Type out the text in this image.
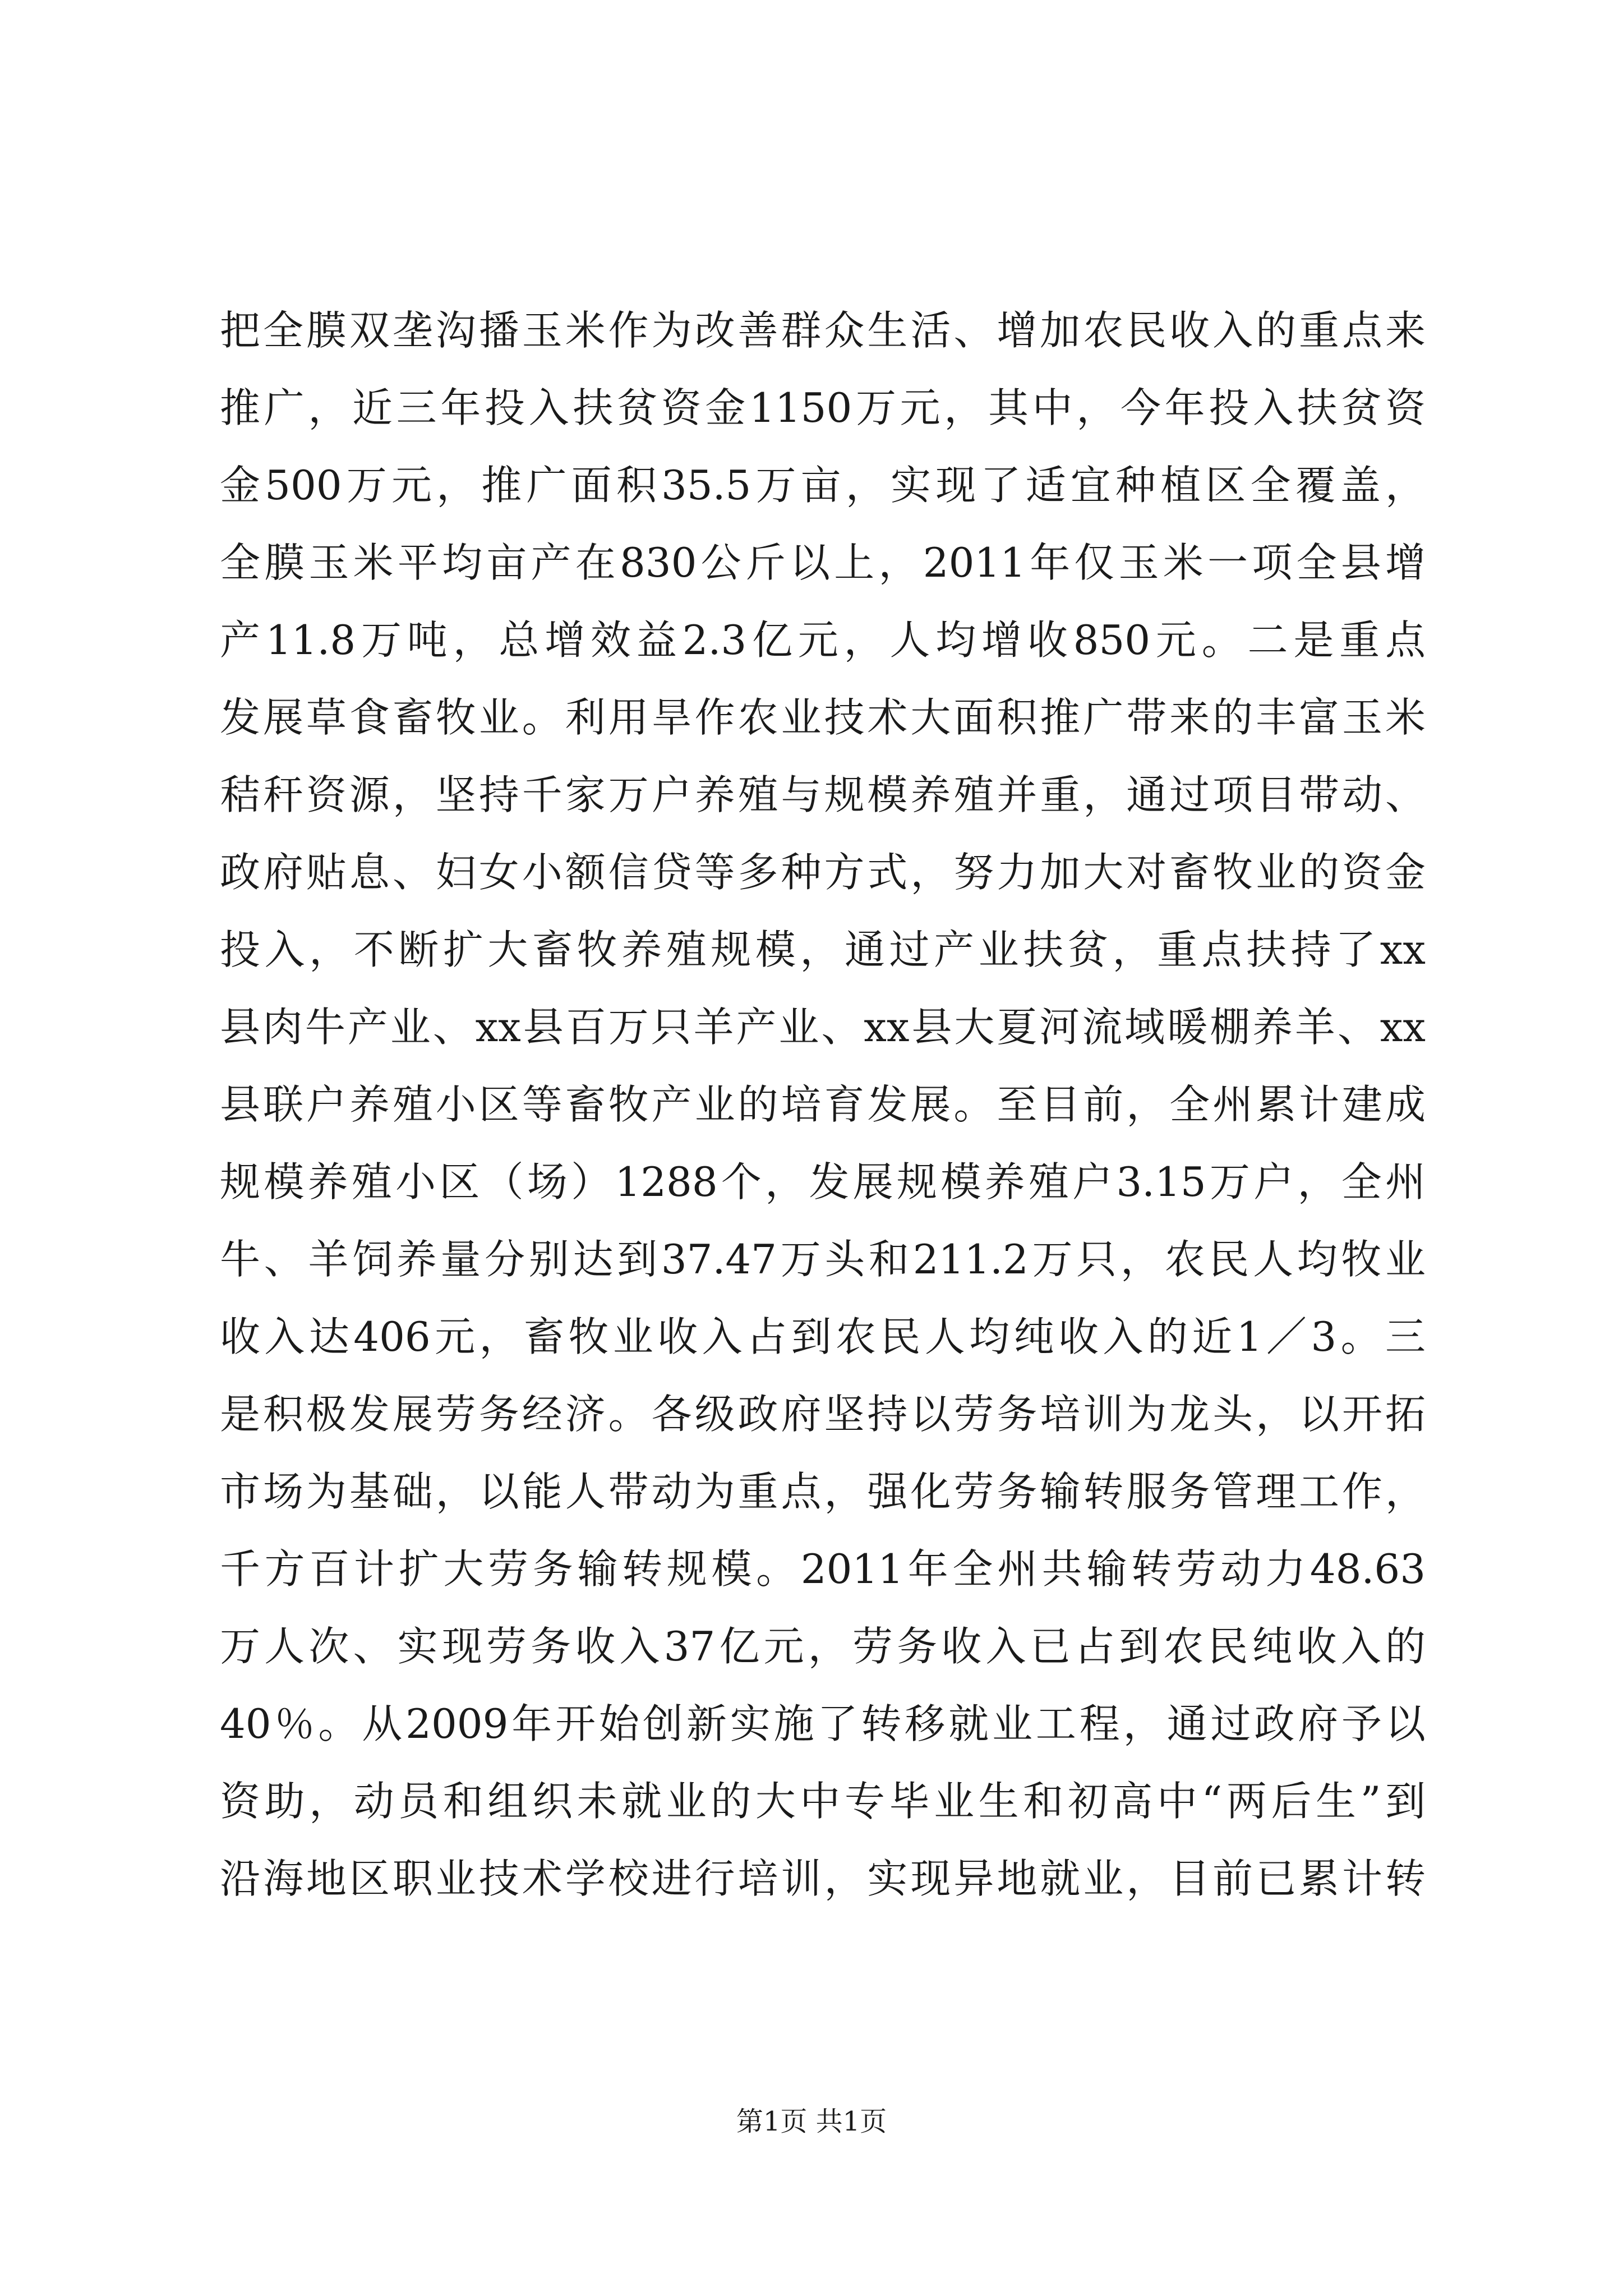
把全膜双垄沟播玉米作为改善群众生活、增加农民收入的重点来
推广，近三年投入扶贫资金1150万元，其中，今年投入扶贫资
金500万元，推广面积35.5万亩，实现了适宜种植区全覆盖，
全膜玉米平均亩产在830公斤以上，2011年仅玉米一项全县增
产11.8万吨，总增效益2.3亿元，人均增收850元。二是重点
发展草食畜牧业。利用旱作农业技术大面积推广带来的丰富玉米
秸秆资源，坚持千家万户养殖与规模养殖并重，通过项目带动、
政府贴息、妇女小额信贷等多种方式，努力加大对畜牧业的资金
投入，不断扩大畜牧养殖规模，通过产业扶贫，重点扶持了xx
县肉牛产业、xx县百万只羊产业、xx县大夏河流域暖棚养羊、xx
县联户养殖小区等畜牧产业的培育发展。至目前，全州累计建成
规模养殖小区（场）1288个，发展规模养殖户3.15万户，全州
牛、羊饲养量分别达到37.47万头和211.2万只，农民人均牧业
收入达406元，畜牧业收入占到农民人均纯收入的近1／3。三
是积极发展劳务经济。各级政府坚持以劳务培训为龙头，以开拓
市场为基础，以能人带动为重点，强化劳务输转服务管理工作，
千方百计扩大劳务输转规模。2011年全州共输转劳动力48.63
万人次、实现劳务收入37亿元，劳务收入已占到农民纯收入的
40％。从2009年开始创新实施了转移就业工程，通过政府予以
资助，动员和组织未就业的大中专毕业生和初高中“两后生”到
沿海地区职业技术学校进行培训，实现异地就业，目前已累计转
第1页 共1页
